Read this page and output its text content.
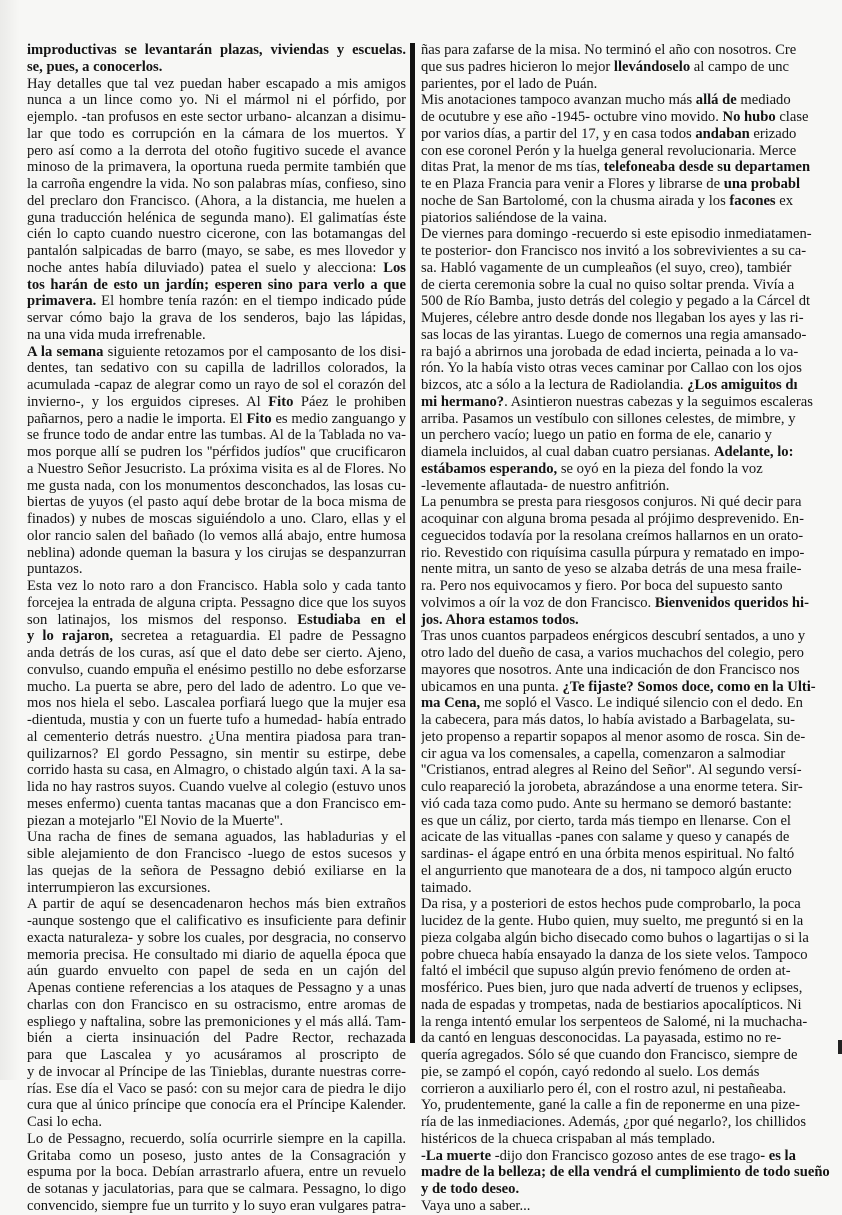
improductivas se levantarán plazas, viviendas y escuelas.
se, pues, a conocerlos.
Hay detalles que tal vez puedan haber escapado a mis amigos
nunca a un lince como yo. Ni el mármol ni el pórfido, por
ejemplo. -tan profusos en este sector urbano- alcanzan a disimu-
lar que todo es corrupción en la cámara de los muertos. Y
pero así como a la derrota del otoño fugitivo sucede el avance
minoso de la primavera, la oportuna rueda permite también que
la carroña engendre la vida. No son palabras mías, confieso, sino
del preclaro don Francisco. (Ahora, a la distancia, me huelen a
guna traducción helénica de segunda mano). El galimatías éste
cién lo capto cuando nuestro cicerone, con las botamangas del
pantalón salpicadas de barro (mayo, se sabe, es mes llovedor y
noche antes había diluviado) patea el suelo y alecciona: Los
tos harán de esto un jardín; esperen sino para verlo a que
primavera. El hombre tenía razón: en el tiempo indicado púde
servar cómo bajo la grava de los senderos, bajo las lápidas,
na una vida muda irrefrenable.
A la semana siguiente retozamos por el camposanto de los disi-
dentes, tan sedativo con su capilla de ladrillos colorados, la
acumulada -capaz de alegrar como un rayo de sol el corazón del
invierno-, y los erguidos cipreses. Al Fito Páez le prohiben
pañarnos, pero a nadie le importa. El Fito es medio zanguango y
se frunce todo de andar entre las tumbas. Al de la Tablada no va-
mos porque allí se pudren los ''pérfidos judíos'' que crucificaron
a Nuestro Señor Jesucristo. La próxima visita es al de Flores. No
me gusta nada, con los monumentos desconchados, las losas cu-
biertas de yuyos (el pasto aquí debe brotar de la boca misma de
finados) y nubes de moscas siguiéndolo a uno. Claro, ellas y el
olor rancio salen del bañado (lo vemos allá abajo, entre humosa
neblina) adonde queman la basura y los cirujas se despanzurran
puntazos.
Esta vez lo noto raro a don Francisco. Habla solo y cada tanto
forcejea la entrada de alguna cripta. Pessagno dice que los suyos
son latinajos, los mismos del responso. Estudiaba en el
y lo rajaron, secretea a retaguardia. El padre de Pessagno
anda detrás de los curas, así que el dato debe ser cierto. Ajeno,
convulso, cuando empuña el enésimo pestillo no debe esforzarse
mucho. La puerta se abre, pero del lado de adentro. Lo que ve-
mos nos hiela el sebo. Lascalea porfiará luego que la mujer esa
-dientuda, mustia y con un fuerte tufo a humedad- había entrado
al cementerio detrás nuestro. ¿Una mentira piadosa para tran-
quilizarnos? El gordo Pessagno, sin mentir su estirpe, debe
corrido hasta su casa, en Almagro, o chistado algún taxi. A la sa-
lida no hay rastros suyos. Cuando vuelve al colegio (estuvo unos
meses enfermo) cuenta tantas macanas que a don Francisco em-
piezan a motejarlo ''El Novio de la Muerte''.
Una racha de fines de semana aguados, las habladurias y el
sible alejamiento de don Francisco -luego de estos sucesos y
las quejas de la señora de Pessagno debió exiliarse en la
interrumpieron las excursiones.
A partir de aquí se desencadenaron hechos más bien extraños
-aunque sostengo que el calificativo es insuficiente para definir
exacta naturaleza- y sobre los cuales, por desgracia, no conservo
memoria precisa. He consultado mi diario de aquella época que
aún guardo envuelto con papel de seda en un cajón del
Apenas contiene referencias a los ataques de Pessagno y a unas
charlas con don Francisco en su ostracismo, entre aromas de
espliego y naftalina, sobre las premoniciones y el más allá. Tam-
bién a cierta insinuación del Padre Rector, rechazada
para que Lascalea y yo acusáramos al proscripto de
y de invocar al Príncipe de las Tinieblas, durante nuestras corre-
rías. Ese día el Vaco se pasó: con su mejor cara de piedra le dijo
cura que al único príncipe que conocía era el Príncipe Kalender.
Casi lo echa.
Lo de Pessagno, recuerdo, solía ocurrirle siempre en la capilla.
Gritaba como un poseso, justo antes de la Consagración y
espuma por la boca. Debían arrastrarlo afuera, entre un revuelo
de sotanas y jaculatorias, para que se calmara. Pessagno, lo digo
convencido, siempre fue un turrito y lo suyo eran vulgares patra-
ñas para zafarse de la misa. No terminó el año con nosotros. Cre
que sus padres hicieron lo mejor llevándoselo al campo de unc
parientes, por el lado de Puán.
Mis anotaciones tampoco avanzan mucho más allá de mediado
de ocutubre y ese año -1945- octubre vino movido. No hubo clase
por varios días, a partir del 17, y en casa todos andaban erizado
con ese coronel Perón y la huelga general revolucionaria. Merce
ditas Prat, la menor de ms tías, telefoneaba desde su departamen
te en Plaza Francia para venir a Flores y librarse de una probabl
noche de San Bartolomé, con la chusma airada y los facones ex
piatorios saliéndose de la vaina.
De viernes para domingo -recuerdo si este episodio inmediatamen-
te posterior- don Francisco nos invitó a los sobrevivientes a su ca-
sa. Habló vagamente de un cumpleaños (el suyo, creo), tambiér
de cierta ceremonia sobre la cual no quiso soltar prenda. Vivía a
500 de Río Bamba, justo detrás del colegio y pegado a la Cárcel dt
Mujeres, célebre antro desde donde nos llegaban los ayes y las ri-
sas locas de las yirantas. Luego de comernos una regia amansado-
ra bajó a abrirnos una jorobada de edad incierta, peinada a lo va-
rón. Yo la había visto otras veces caminar por Callao con los ojos
bizcos, atc a sólo a la lectura de Radiolandia. ¿Los amiguitos dı
mi hermano?. Asintieron nuestras cabezas y la seguimos escaleras
arriba. Pasamos un vestíbulo con sillones celestes, de mimbre, y
un perchero vacío; luego un patio en forma de ele, canario y
diamela incluidos, al cual daban cuatro persianas. Adelante, lo:
estábamos esperando, se oyó en la pieza del fondo la voz
-levemente aflautada- de nuestro anfitrión.
La penumbra se presta para riesgosos conjuros. Ni qué decir para
acoquinar con alguna broma pesada al prójimo desprevenido. En-
ceguecidos todavía por la resolana creímos hallarnos en un orato-
rio. Revestido con riquísima casulla púrpura y rematado en impo-
nente mitra, un santo de yeso se alzaba detrás de una mesa fraile-
ra. Pero nos equivocamos y fiero. Por boca del supuesto santo
volvimos a oír la voz de don Francisco. Bienvenidos queridos hi-
jos. Ahora estamos todos.
Tras unos cuantos parpadeos enérgicos descubrí sentados, a uno y
otro lado del dueño de casa, a varios muchachos del colegio, pero
mayores que nosotros. Ante una indicación de don Francisco nos
ubicamos en una punta. ¿Te fijaste? Somos doce, como en la Ulti-
ma Cena, me sopló el Vasco. Le indiqué silencio con el dedo. En
la cabecera, para más datos, lo había avistado a Barbagelata, su-
jeto propenso a repartir sopapos al menor asomo de rosca. Sin de-
cir agua va los comensales, a capella, comenzaron a salmodiar
''Cristianos, entrad alegres al Reino del Señor''. Al segundo versí-
culo reapareció la jorobeta, abrazándose a una enorme tetera. Sir-
vió cada taza como pudo. Ante su hermano se demoró bastante:
es que un cáliz, por cierto, tarda más tiempo en llenarse. Con el
acicate de las vituallas -panes con salame y queso y canapés de
sardinas- el ágape entró en una órbita menos espiritual. No faltó
el angurriento que manoteara de a dos, ni tampoco algún eructo
taimado.
Da risa, y a posteriori de estos hechos pude comprobarlo, la poca
lucidez de la gente. Hubo quien, muy suelto, me preguntó si en la
pieza colgaba algún bicho disecado como buhos o lagartijas o si la
pobre chueca había ensayado la danza de los siete velos. Tampoco
faltó el imbécil que supuso algún previo fenómeno de orden at-
mosférico. Pues bien, juro que nada advertí de truenos y eclipses,
nada de espadas y trompetas, nada de bestiarios apocalípticos. Ni
la renga intentó emular los serpenteos de Salomé, ni la muchacha-
da cantó en lenguas desconocidas. La payasada, estimo no re-
quería agregados. Sólo sé que cuando don Francisco, siempre de
pie, se zampó el copón, cayó redondo al suelo. Los demás
corrieron a auxiliarlo pero él, con el rostro azul, ni pestañeaba.
Yo, prudentemente, gané la calle a fin de reponerme en una pize-
ría de las inmediaciones. Además, ¿por qué negarlo?, los chillidos
histéricos de la chueca crispaban al más templado.
-La muerte -dijo don Francisco gozoso antes de ese trago- es la
madre de la belleza; de ella vendrá el cumplimiento de todo sueño
y de todo deseo.
Vaya uno a saber...
